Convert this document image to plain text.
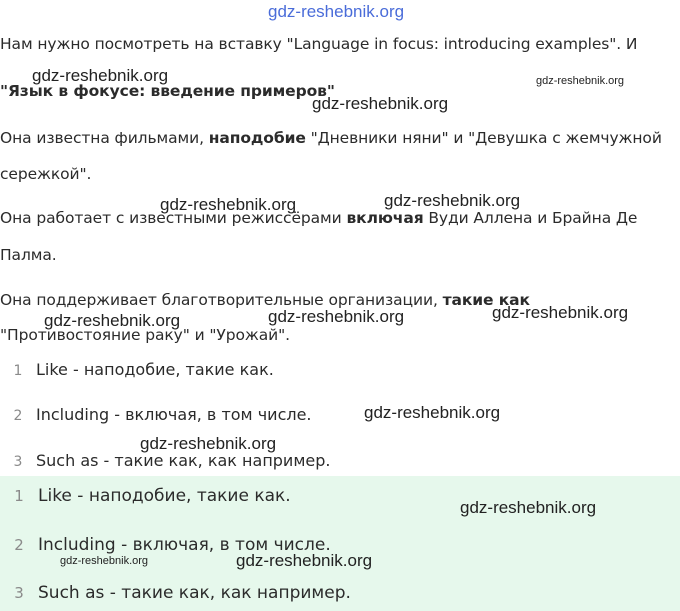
gdz-reshebnik.org
Нам нужно посмотреть на вставку "Language in focus: introducing examples". И
"Язык в фокусе: введение примеров"
Она известна фильмами, наподобие "Дневники няни" и "Девушка с жемчужной
сережкой".
Она работает с известными режиссёрами включая Вуди Аллена и Брайна Де
Палма.
Она поддерживает благотворительные организации, такие как
"Противостояние раку" и "Урожай".
1 Like - наподобие, такие как.
2 Including - включая, в том числе.
3 Such as - такие как, как например.
1 Like - наподобие, такие как.
2 Including - включая, в том числе.
3 Such as - такие как, как например.
gdz-reshebnik.org	gdz-reshebnik.org
gdz-reshebnik.org
gdz-reshebnik.org	gdz-reshebnik.org
gdz-reshebnik.org	gdz-reshebnik.org	gdz-reshebnik.org
gdz-reshebnik.org
gdz-reshebnik.org
gdz-reshebnik.org
gdz-reshebnik.org	gdz-reshebnik.org
